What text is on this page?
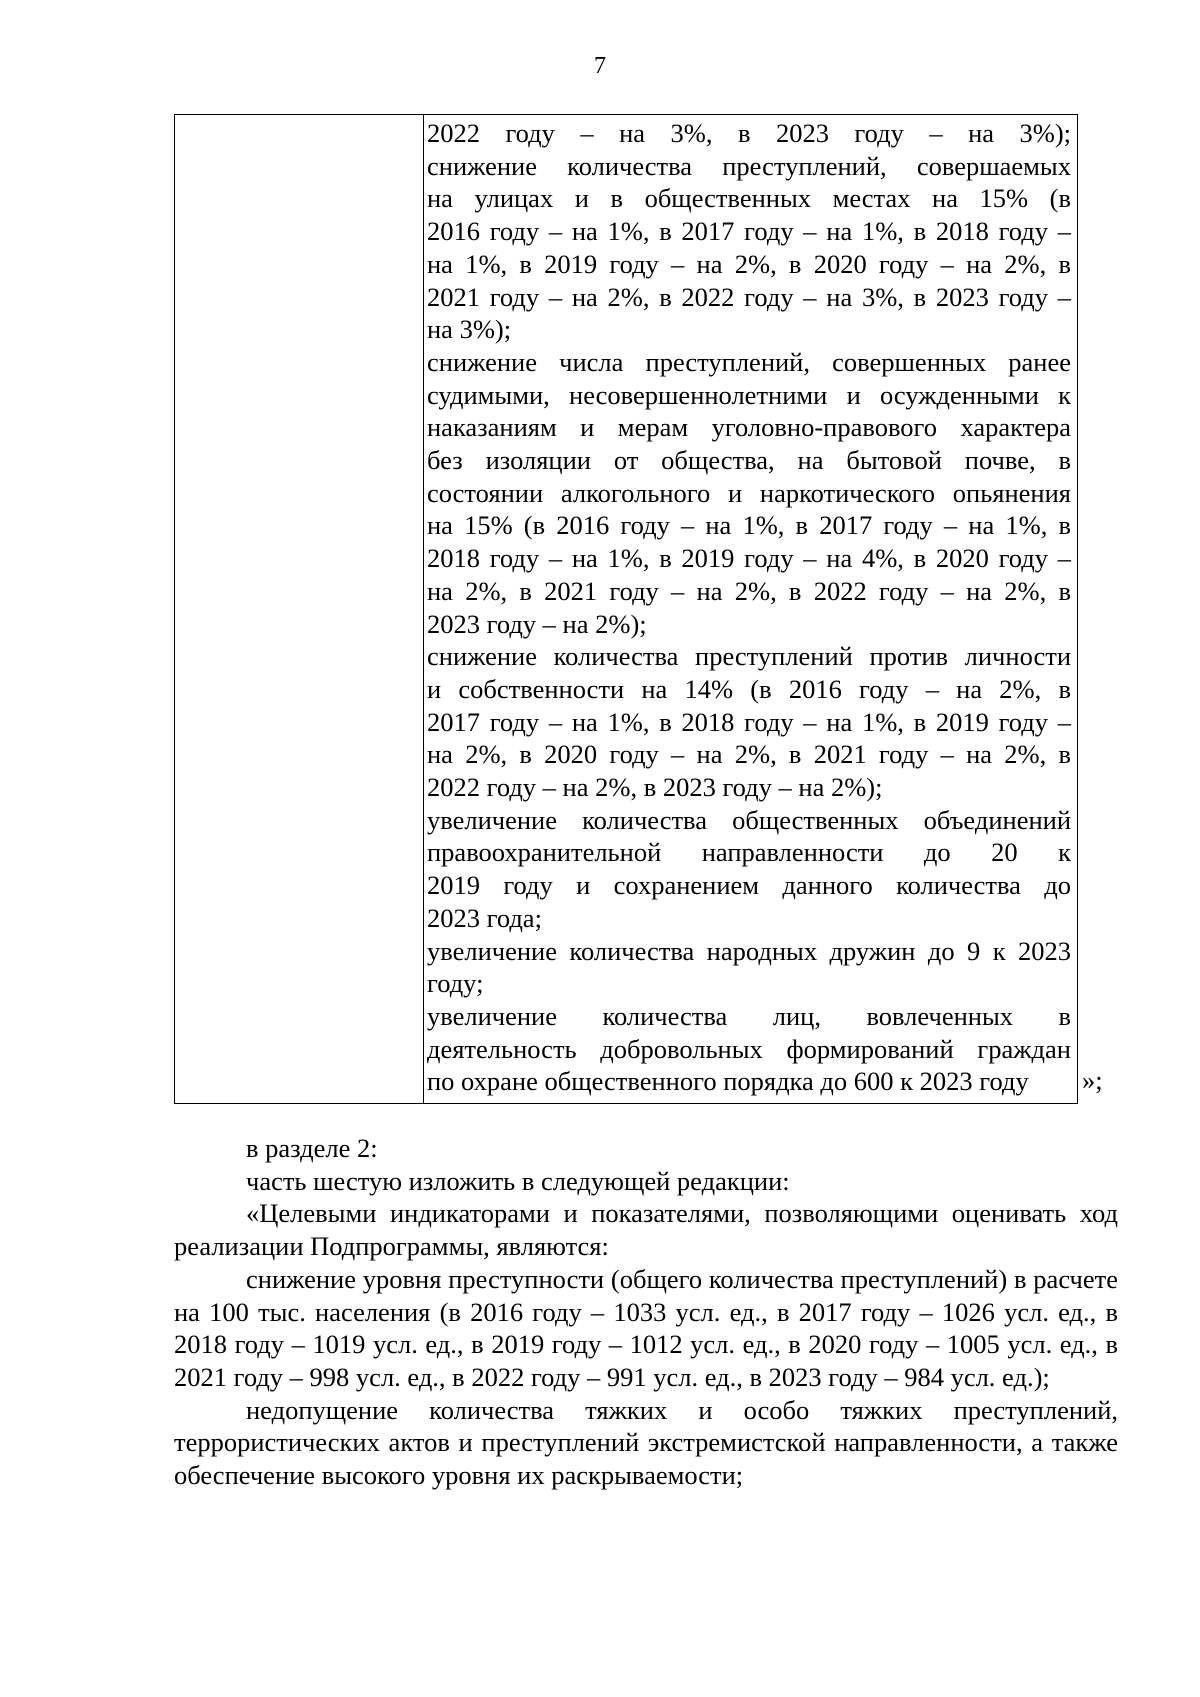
7
2022 году – на 3%, в 2023 году – на 3%);
снижение количества преступлений, совершаемых
на улицах и в общественных местах на 15% (в
2016 году – на 1%, в 2017 году – на 1%, в 2018 году –
на 1%, в 2019 году – на 2%, в 2020 году – на 2%, в
2021 году – на 2%, в 2022 году – на 3%, в 2023 году –
на 3%);
снижение числа преступлений, совершенных ранее
судимыми, несовершеннолетними и осужденными к
наказаниям и мерам уголовно-правового характера
без изоляции от общества, на бытовой почве, в
состоянии алкогольного и наркотического опьянения
на 15% (в 2016 году – на 1%, в 2017 году – на 1%, в
2018 году – на 1%, в 2019 году – на 4%, в 2020 году –
на 2%, в 2021 году – на 2%, в 2022 году – на 2%, в
2023 году – на 2%);
снижение количества преступлений против личности
и собственности на 14% (в 2016 году – на 2%, в
2017 году – на 1%, в 2018 году – на 1%, в 2019 году –
на 2%, в 2020 году – на 2%, в 2021 году – на 2%, в
2022 году – на 2%, в 2023 году – на 2%);
увеличение количества общественных объединений
правоохранительной направленности до 20 к
2019 году и сохранением данного количества до
2023 года;
увеличение количества народных дружин до 9 к 2023
году;
увеличение количества лиц, вовлеченных в
деятельность добровольных формирований граждан
по охране общественного порядка до 600 к 2023 году	»;

в разделе 2:

часть шестую изложить в следующей редакции:

«Целевыми индикаторами и показателями, позволяющими оценивать ход реализации Подпрограммы, являются:

снижение уровня преступности (общего количества преступлений) в расчете на 100 тыс. населения (в 2016 году – 1033 усл. ед., в 2017 году – 1026 усл. ед., в 2018 году – 1019 усл. ед., в 2019 году – 1012 усл. ед., в 2020 году – 1005 усл. ед., в 2021 году – 998 усл. ед., в 2022 году – 991 усл. ед., в 2023 году – 984 усл. ед.);

недопущение количества тяжких и особо тяжких преступлений, террористических актов и преступлений экстремистской направленности, а также обеспечение высокого уровня их раскрываемости;
